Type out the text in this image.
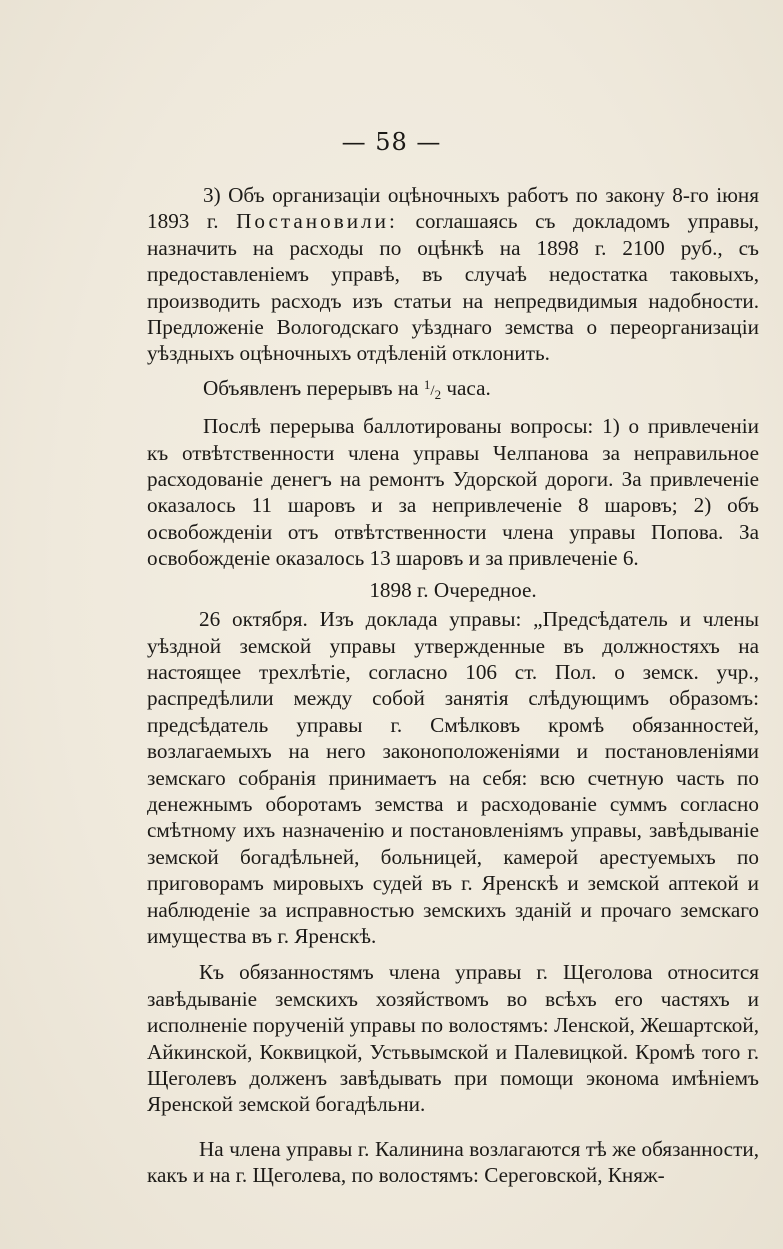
— 58 —

3) Объ организаціи оцѣночныхъ работъ по закону 8-го іюня 1893 г. Постановили: соглашаясь съ докладомъ управы, назначить на расходы по оцѣнкѣ на 1898 г. 2100 руб., съ предоставленіемъ управѣ, въ случаѣ недостатка таковыхъ, производить расходъ изъ статьи на непредвидимыя надобности. Предложеніе Вологодскаго уѣзднаго земства о переорганизаціи уѣздныхъ оцѣночныхъ отдѣленій отклонить.

Объявленъ перерывъ на $^1/_2$ часа.

Послѣ перерыва баллотированы вопросы: 1) о привлеченіи къ отвѣтственности члена управы Челпанова за неправильное расходованіе денегъ на ремонтъ Удорской дороги. За привлеченіе оказалось 11 шаровъ и за непривлеченіе 8 шаровъ; 2) объ освобожденіи отъ отвѣтственности члена управы Попова. За освобожденіе оказалось 13 шаровъ и за привлеченіе 6.

1898 г. Очередное.

26 октября. Изъ доклада управы: „Предсѣдатель и члены уѣздной земской управы утвержденные въ должностяхъ на настоящее трехлѣтіе, согласно 106 ст. Пол. о земск. учр., распредѣлили между собой занятія слѣдующимъ образомъ: предсѣдатель управы г. Смѣлковъ кромѣ обязанностей, возлагаемыхъ на него законоположеніями и постановленіями земскаго собранія принимаетъ на себя: всю счетную часть по денежнымъ оборотамъ земства и расходованіе суммъ согласно смѣтному ихъ назначенію и постановленіямъ управы, завѣдываніе земской богадѣльней, больницей, камерой арестуемыхъ по приговорамъ мировыхъ судей въ г. Яренскѣ и земской аптекой и наблюденіе за исправностью земскихъ зданій и прочаго земскаго имущества въ г. Яренскѣ.

Къ обязанностямъ члена управы г. Щеголова относится завѣдываніе земскихъ хозяйствомъ во всѣхъ его частяхъ и исполненіе порученій управы по волостямъ: Ленской, Жешартской, Айкинской, Коквицкой, Устьвымской и Палевицкой. Кромѣ того г. Щеголевъ долженъ завѣдывать при помощи эконома имѣніемъ Яренской земской богадѣльни.

На члена управы г. Калинина возлагаются тѣ же обязанности, какъ и на г. Щеголева, по волостямъ: Сереговской, Княж-
